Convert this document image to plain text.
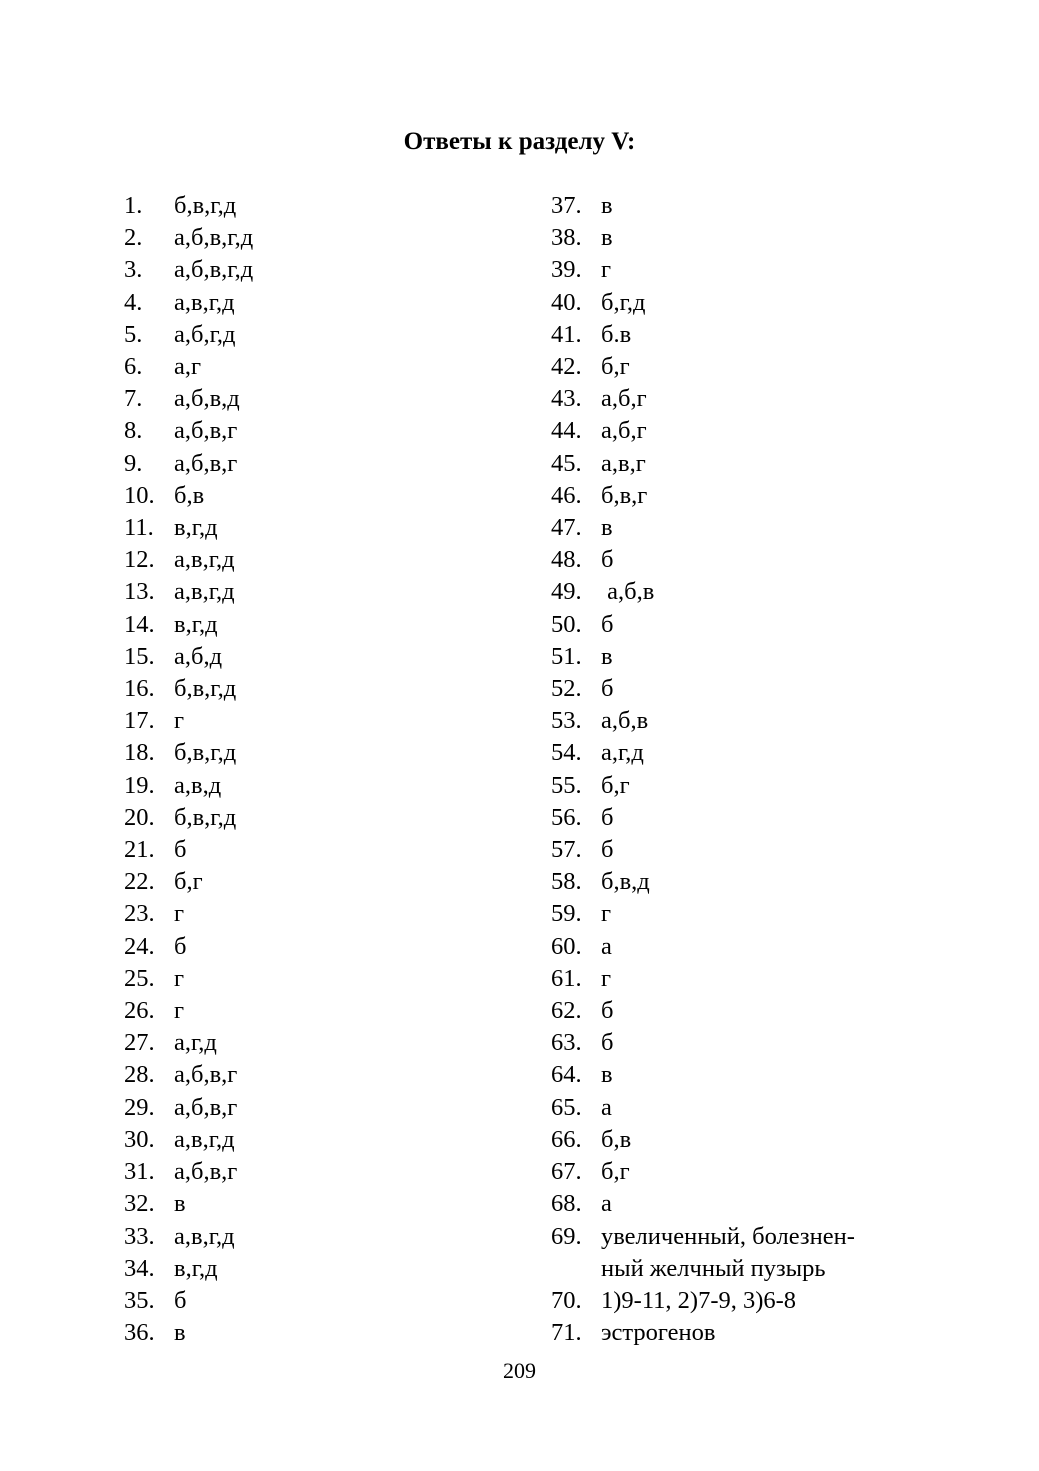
Ответы к разделу V:
1.	б,в,г,д
2.	а,б,в,г,д
3.	а,б,в,г,д
4.	а,в,г,д
5.	а,б,г,д
6.	а,г
7.	а,б,в,д
8.	а,б,в,г
9.	а,б,в,г
10. б,в
11. в,г,д
12. а,в,г,д
13. а,в,г,д
14. в,г,д
15. а,б,д
16. б,в,г,д
17. г
18. б,в,г,д
19. а,в,д
20. б,в,г,д
21. б
22. б,г
23. г
24. б
25. г
26. г
27. а,г,д
28. а,б,в,г
29. а,б,в,г
30. а,в,г,д
31. а,б,в,г
32. в
33. а,в,г,д
34. в,г,д
35. б
36. в
37. в
38. в
39. г
40. б,г,д
41. б.в
42. б,г
43. а,б,г
44. а,б,г
45. а,в,г
46. б,в,г
47. в
48. б
49. а,б,в
50. б
51. в
52. б
53. а,б,в
54. а,г,д
55. б,г
56. б
57. б
58. б,в,д
59. г
60. а
61. г
62. б
63. б
64. в
65. а
66. б,в
67. б,г
68. а
69. увеличенный, болезнен-
ный желчный пузырь
70. 1)9-11, 2)7-9, 3)6-8
71. эстрогенов
209
